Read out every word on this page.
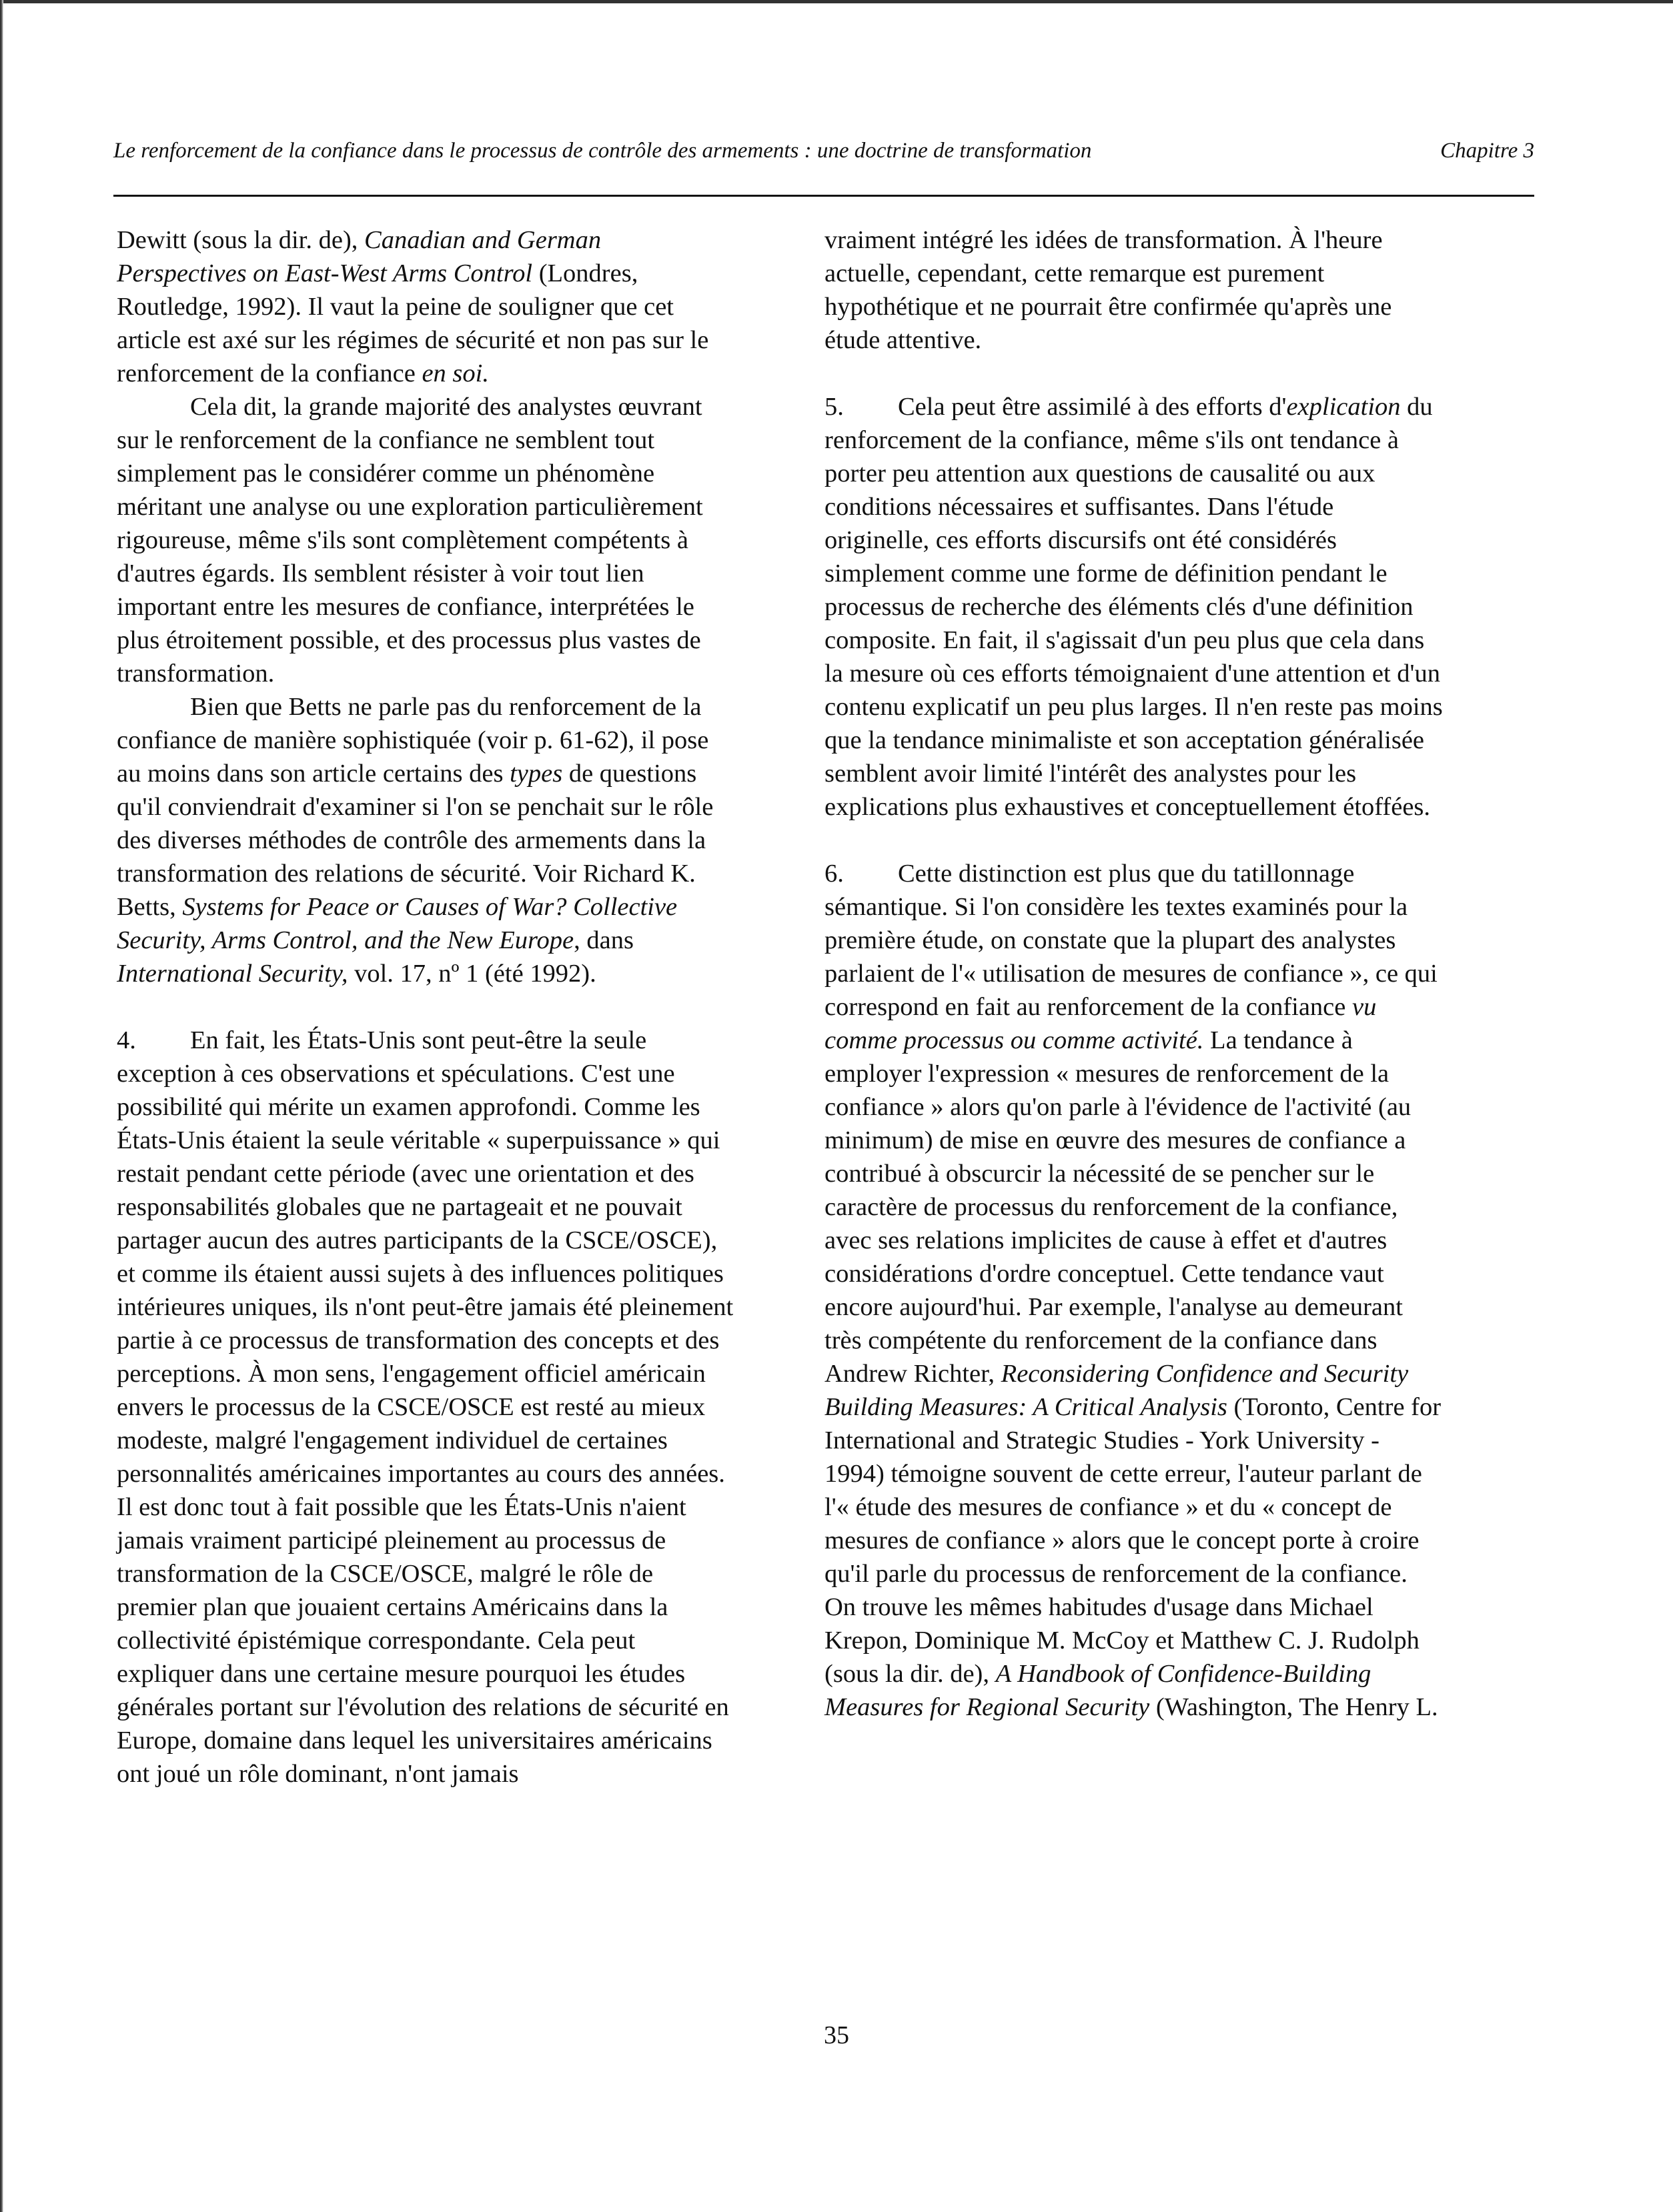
Le renforcement de la confiance dans le processus de contrôle des armements : une doctrine de transformation	Chapitre 3

Dewitt (sous la dir. de), Canadian and German Perspectives on East-West Arms Control (Londres, Routledge, 1992). Il vaut la peine de souligner que cet article est axé sur les régimes de sécurité et non pas sur le renforcement de la confiance en soi.

Cela dit, la grande majorité des analystes œuvrant sur le renforcement de la confiance ne semblent tout simplement pas le considérer comme un phénomène méritant une analyse ou une exploration particulièrement rigoureuse, même s'ils sont complètement compétents à d'autres égards. Ils semblent résister à voir tout lien important entre les mesures de confiance, interprétées le plus étroitement possible, et des processus plus vastes de transformation.

Bien que Betts ne parle pas du renforcement de la confiance de manière sophistiquée (voir p. 61-62), il pose au moins dans son article certains des types de questions qu'il conviendrait d'examiner si l'on se penchait sur le rôle des diverses méthodes de contrôle des armements dans la transformation des relations de sécurité. Voir Richard K. Betts, Systems for Peace or Causes of War? Collective Security, Arms Control, and the New Europe, dans International Security, vol. 17, nº 1 (été 1992).

4. En fait, les États-Unis sont peut-être la seule exception à ces observations et spéculations. C'est une possibilité qui mérite un examen approfondi. Comme les États-Unis étaient la seule véritable « superpuissance » qui restait pendant cette période (avec une orientation et des responsabilités globales que ne partageait et ne pouvait partager aucun des autres participants de la CSCE/OSCE), et comme ils étaient aussi sujets à des influences politiques intérieures uniques, ils n'ont peut-être jamais été pleinement partie à ce processus de transformation des concepts et des perceptions. À mon sens, l'engagement officiel américain envers le processus de la CSCE/OSCE est resté au mieux modeste, malgré l'engagement individuel de certaines personnalités américaines importantes au cours des années. Il est donc tout à fait possible que les États-Unis n'aient jamais vraiment participé pleinement au processus de transformation de la CSCE/OSCE, malgré le rôle de premier plan que jouaient certains Américains dans la collectivité épistémique correspondante. Cela peut expliquer dans une certaine mesure pourquoi les études générales portant sur l'évolution des relations de sécurité en Europe, domaine dans lequel les universitaires américains ont joué un rôle dominant, n'ont jamais

vraiment intégré les idées de transformation. À l'heure actuelle, cependant, cette remarque est purement hypothétique et ne pourrait être confirmée qu'après une étude attentive.

5. Cela peut être assimilé à des efforts d'explication du renforcement de la confiance, même s'ils ont tendance à porter peu attention aux questions de causalité ou aux conditions nécessaires et suffisantes. Dans l'étude originelle, ces efforts discursifs ont été considérés simplement comme une forme de définition pendant le processus de recherche des éléments clés d'une définition composite. En fait, il s'agissait d'un peu plus que cela dans la mesure où ces efforts témoignaient d'une attention et d'un contenu explicatif un peu plus larges. Il n'en reste pas moins que la tendance minimaliste et son acceptation généralisée semblent avoir limité l'intérêt des analystes pour les explications plus exhaustives et conceptuellement étoffées.

6. Cette distinction est plus que du tatillonnage sémantique. Si l'on considère les textes examinés pour la première étude, on constate que la plupart des analystes parlaient de l'« utilisation de mesures de confiance », ce qui correspond en fait au renforcement de la confiance vu comme processus ou comme activité. La tendance à employer l'expression « mesures de renforcement de la confiance » alors qu'on parle à l'évidence de l'activité (au minimum) de mise en œuvre des mesures de confiance a contribué à obscurcir la nécessité de se pencher sur le caractère de processus du renforcement de la confiance, avec ses relations implicites de cause à effet et d'autres considérations d'ordre conceptuel. Cette tendance vaut encore aujourd'hui. Par exemple, l'analyse au demeurant très compétente du renforcement de la confiance dans Andrew Richter, Reconsidering Confidence and Security Building Measures: A Critical Analysis (Toronto, Centre for International and Strategic Studies - York University - 1994) témoigne souvent de cette erreur, l'auteur parlant de l'« étude des mesures de confiance » et du « concept de mesures de confiance » alors que le concept porte à croire qu'il parle du processus de renforcement de la confiance. On trouve les mêmes habitudes d'usage dans Michael Krepon, Dominique M. McCoy et Matthew C. J. Rudolph (sous la dir. de), A Handbook of Confidence-Building Measures for Regional Security (Washington, The Henry L.

35
